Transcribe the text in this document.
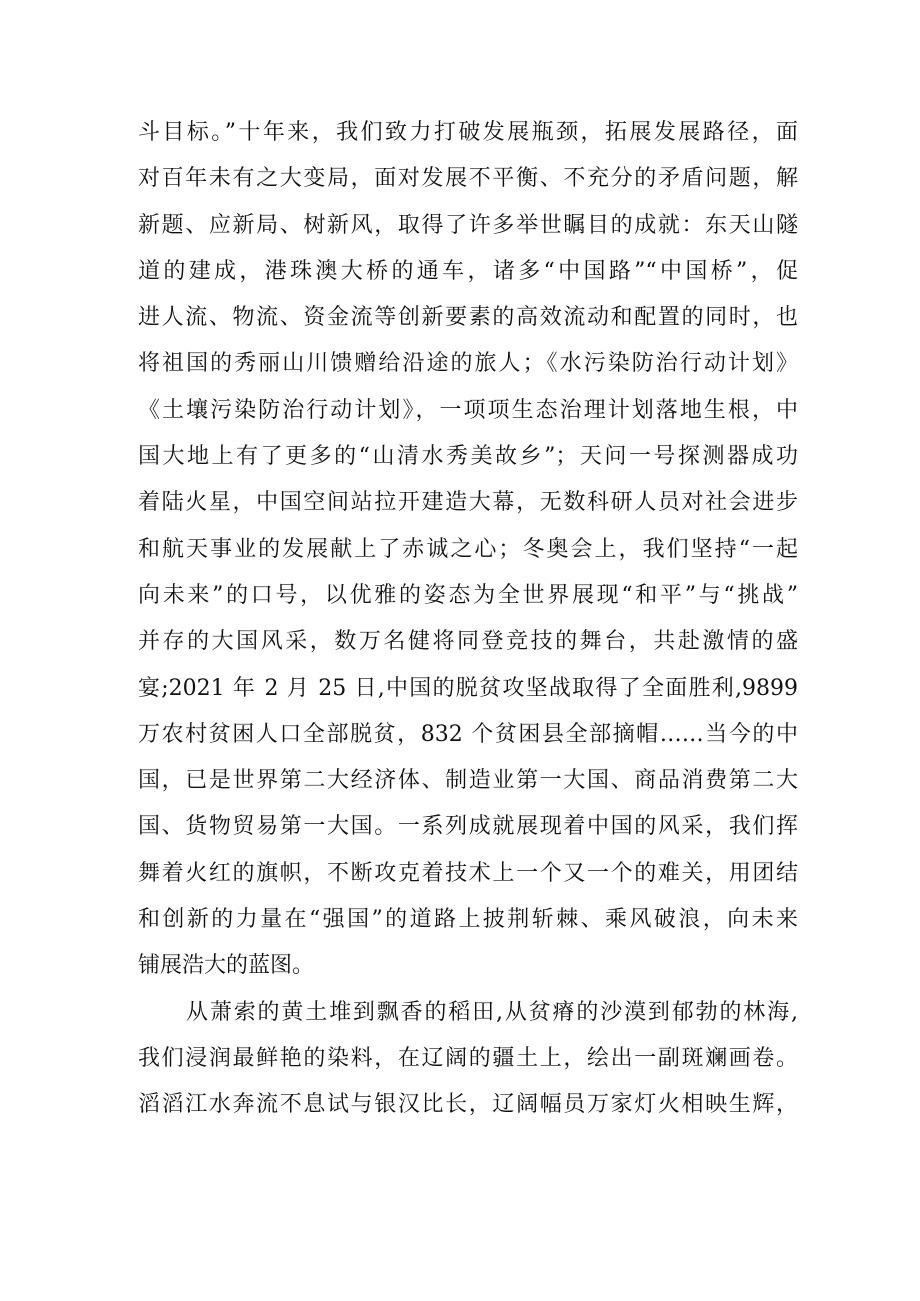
斗目标。”十年来，我们致力打破发展瓶颈，拓展发展路径，面
对百年未有之大变局，面对发展不平衡、不充分的矛盾问题，解
新题、应新局、树新风，取得了许多举世瞩目的成就：东天山隧
道的建成，港珠澳大桥的通车，诸多“中国路”“中国桥”，促
进人流、物流、资金流等创新要素的高效流动和配置的同时，也
将祖国的秀丽山川馈赠给沿途的旅人；《水污染防治行动计划》
《土壤污染防治行动计划》，一项项生态治理计划落地生根，中
国大地上有了更多的“山清水秀美故乡”；天问一号探测器成功
着陆火星，中国空间站拉开建造大幕，无数科研人员对社会进步
和航天事业的发展献上了赤诚之心；冬奥会上，我们坚持“一起
向未来”的口号，以优雅的姿态为全世界展现“和平”与“挑战”
并存的大国风采，数万名健将同登竞技的舞台，共赴激情的盛
宴;2021 年 2 月 25 日,中国的脱贫攻坚战取得了全面胜利,9899
万农村贫困人口全部脱贫，832 个贫困县全部摘帽……当今的中
国，已是世界第二大经济体、制造业第一大国、商品消费第二大
国、货物贸易第一大国。一系列成就展现着中国的风采，我们挥
舞着火红的旗帜，不断攻克着技术上一个又一个的难关，用团结
和创新的力量在“强国”的道路上披荆斩棘、乘风破浪，向未来
铺展浩大的蓝图。
从萧索的黄土堆到飘香的稻田,从贫瘠的沙漠到郁勃的林海,
我们浸润最鲜艳的染料，在辽阔的疆土上，绘出一副斑斓画卷。
滔滔江水奔流不息试与银汉比长，辽阔幅员万家灯火相映生辉，
